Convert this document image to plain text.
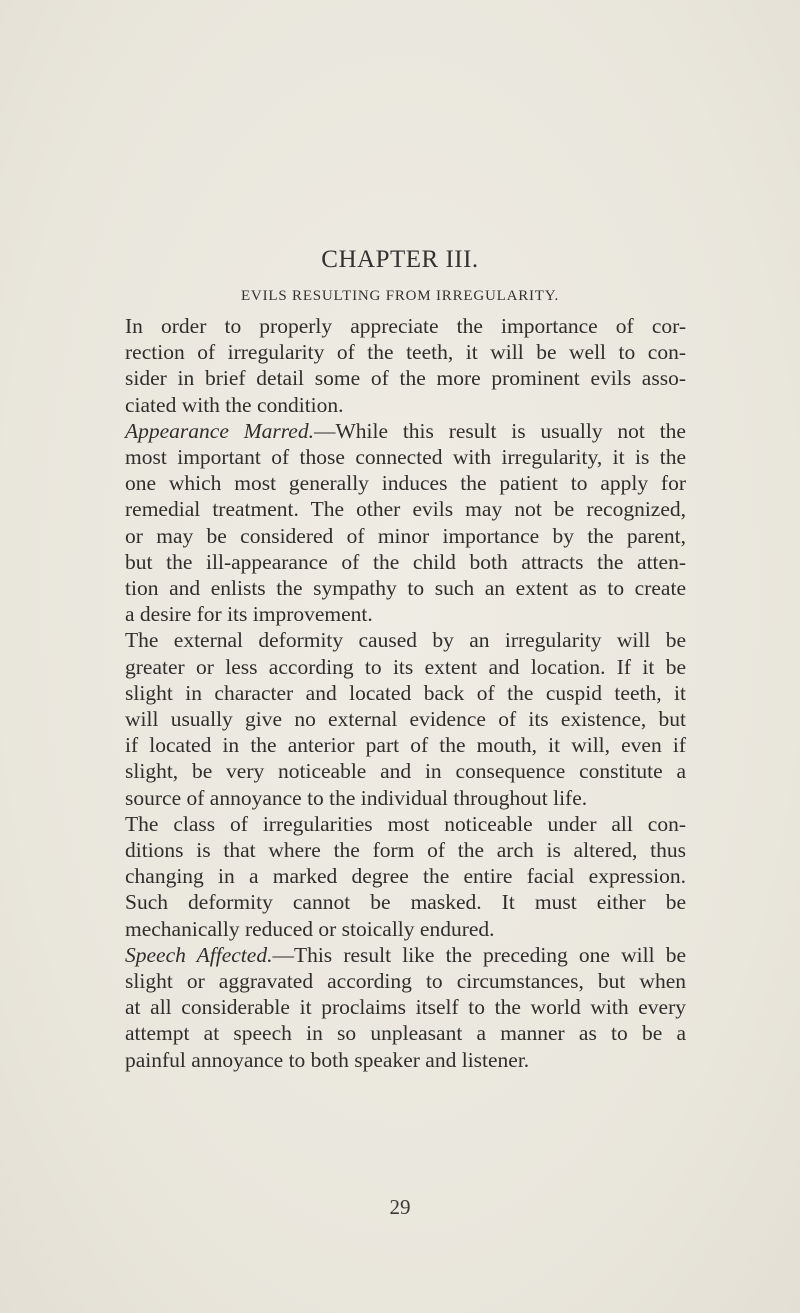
CHAPTER III.
EVILS RESULTING FROM IRREGULARITY.

In order to properly appreciate the importance of cor-
rection of irregularity of the teeth, it will be well to con-
sider in brief detail some of the more prominent evils asso-
ciated with the condition.

Appearance Marred.—While this result is usually not the
most important of those connected with irregularity, it is the
one which most generally induces the patient to apply for
remedial treatment. The other evils may not be recognized,
or may be considered of minor importance by the parent,
but the ill-appearance of the child both attracts the atten-
tion and enlists the sympathy to such an extent as to create
a desire for its improvement.

The external deformity caused by an irregularity will be
greater or less according to its extent and location. If it be
slight in character and located back of the cuspid teeth, it
will usually give no external evidence of its existence, but
if located in the anterior part of the mouth, it will, even if
slight, be very noticeable and in consequence constitute a
source of annoyance to the individual throughout life.

The class of irregularities most noticeable under all con-
ditions is that where the form of the arch is altered, thus
changing in a marked degree the entire facial expression.
Such deformity cannot be masked. It must either be
mechanically reduced or stoically endured.

Speech Affected.—This result like the preceding one will be
slight or aggravated according to circumstances, but when
at all considerable it proclaims itself to the world with every
attempt at speech in so unpleasant a manner as to be a
painful annoyance to both speaker and listener.

29
